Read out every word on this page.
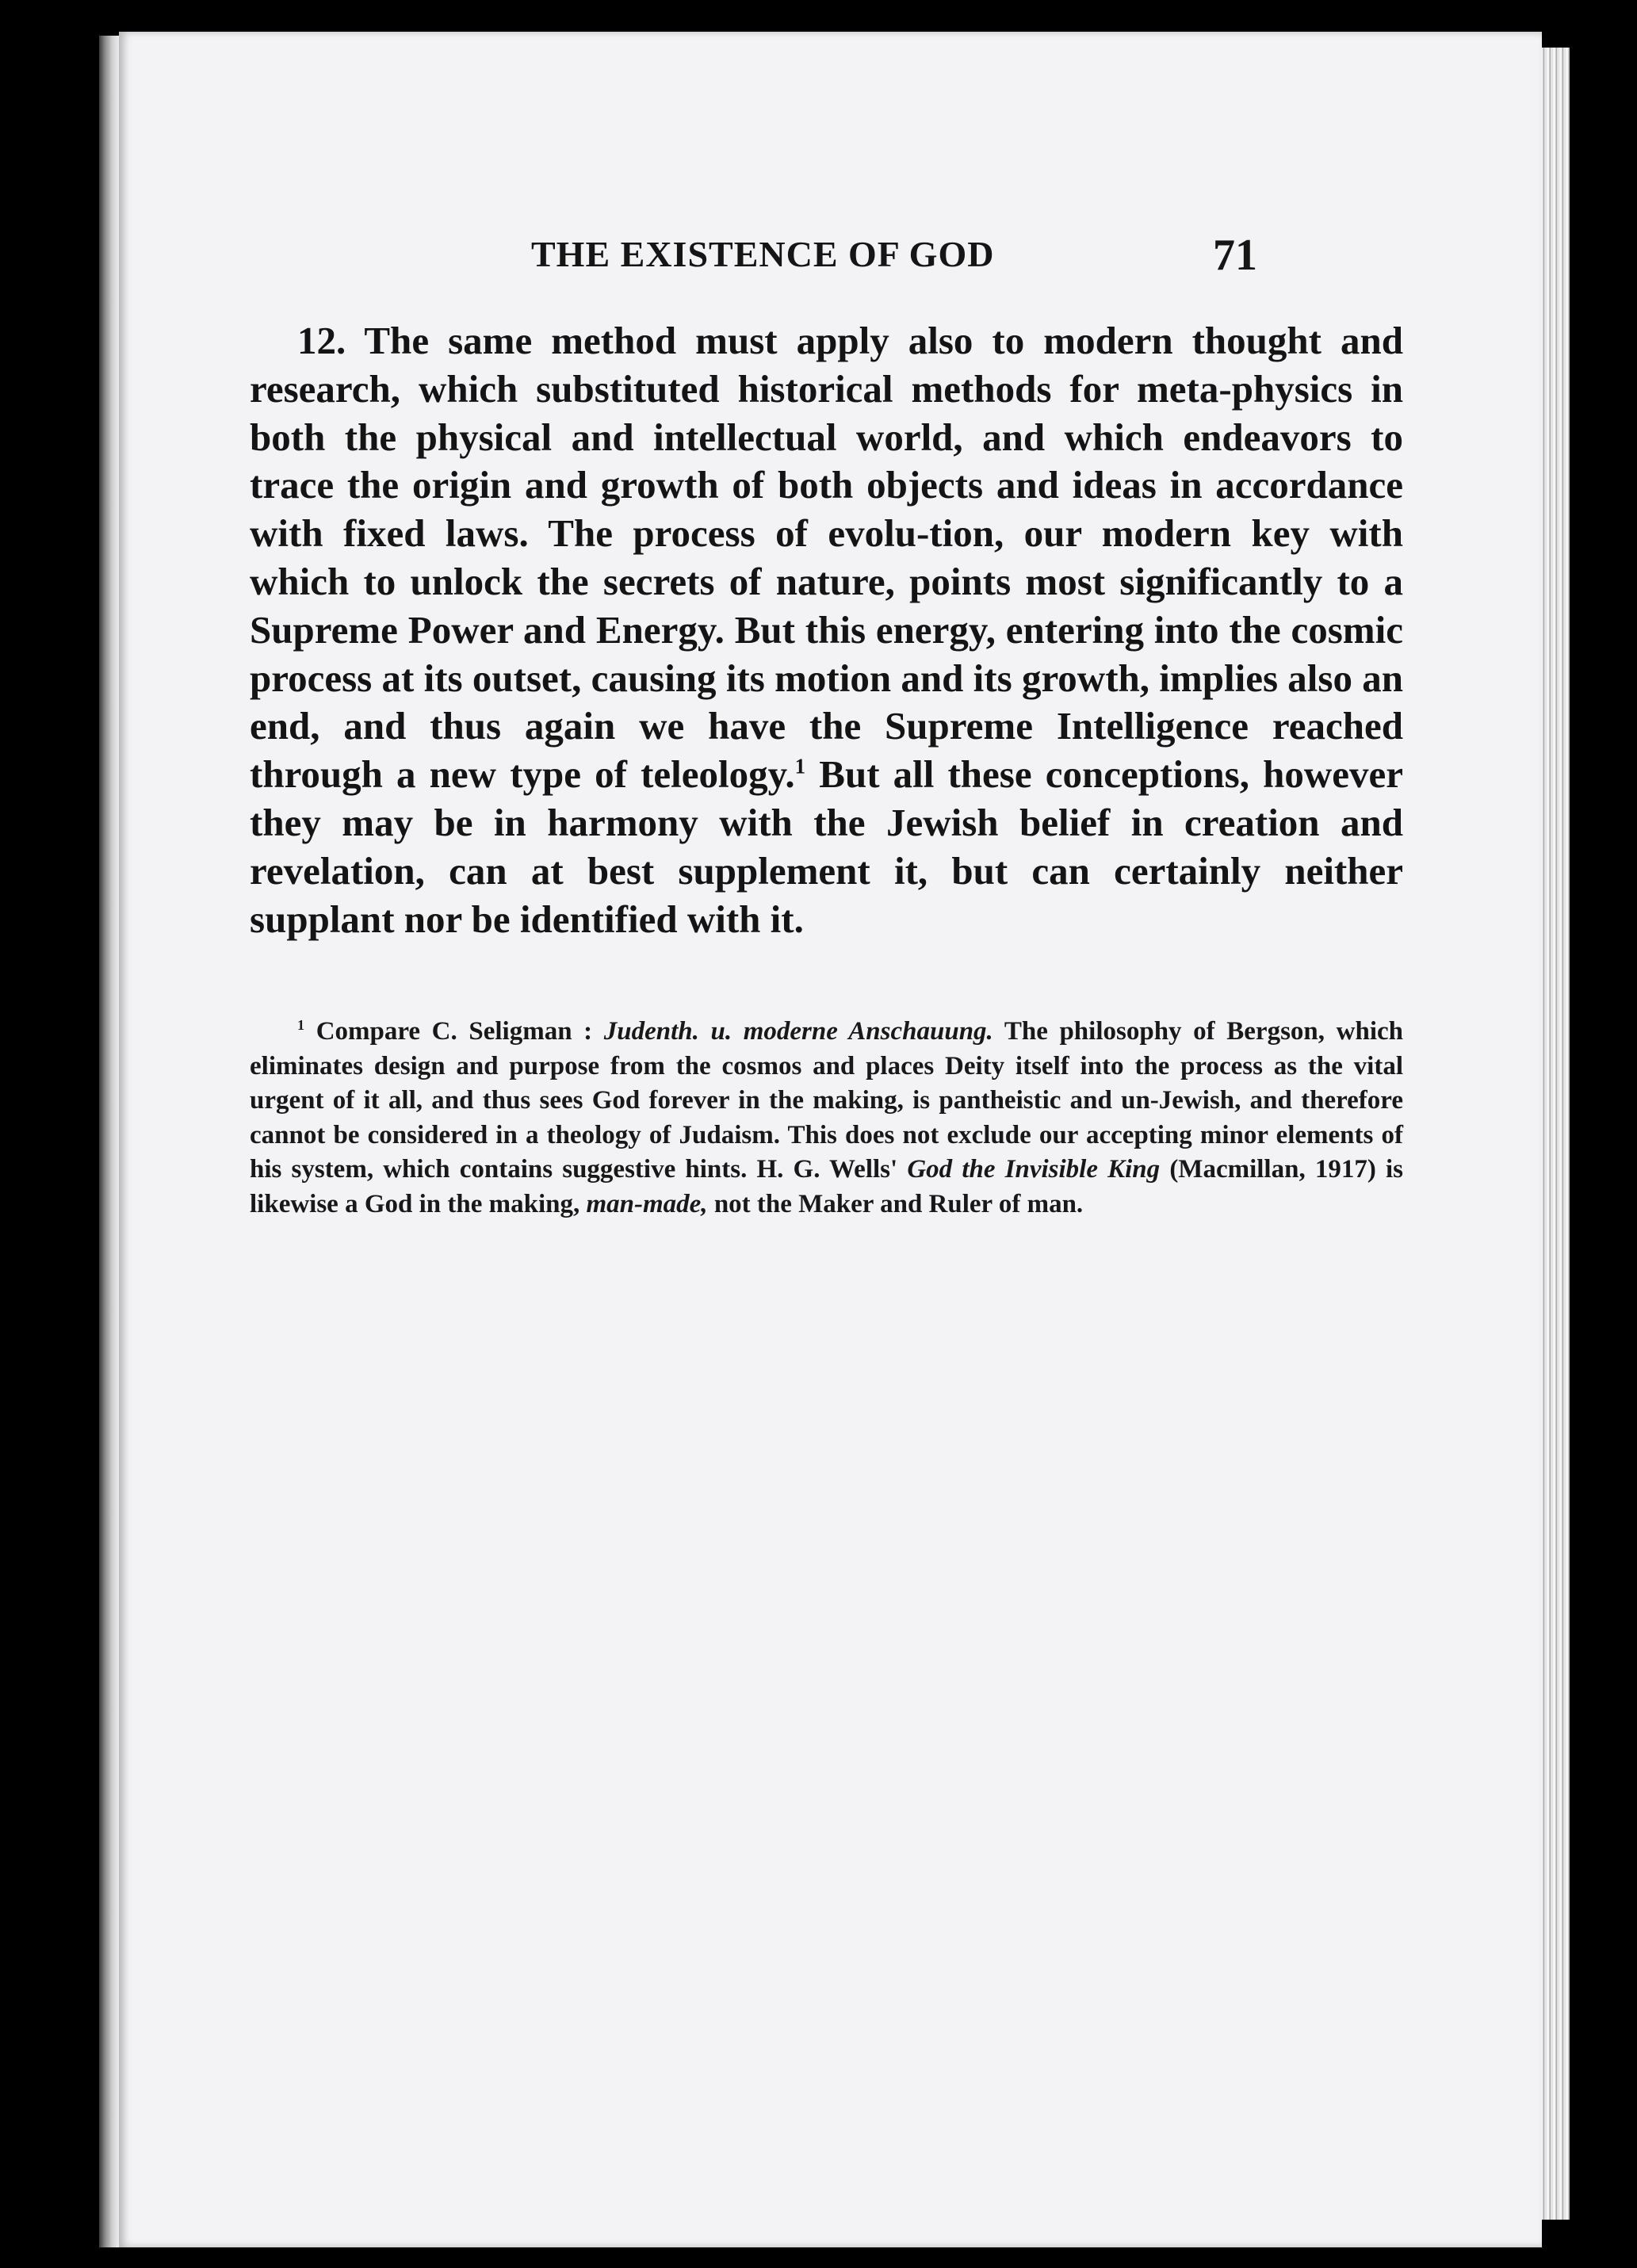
THE EXISTENCE OF GOD	71

12. The same method must apply also to modern thought and research, which substituted historical methods for meta-physics in both the physical and intellectual world, and which endeavors to trace the origin and growth of both objects and ideas in accordance with fixed laws. The process of evolu-tion, our modern key with which to unlock the secrets of nature, points most significantly to a Supreme Power and Energy. But this energy, entering into the cosmic process at its outset, causing its motion and its growth, implies also an end, and thus again we have the Supreme Intelligence reached through a new type of teleology.$^1$ But all these conceptions, however they may be in harmony with the Jewish belief in creation and revelation, can at best supplement it, but can certainly neither supplant nor be identified with it.

$^1$ Compare C. Seligman : Judenth. u. moderne Anschauung. The philosophy of Bergson, which eliminates design and purpose from the cosmos and places Deity itself into the process as the vital urgent of it all, and thus sees God forever in the making, is pantheistic and un-Jewish, and therefore cannot be considered in a theology of Judaism. This does not exclude our accepting minor elements of his system, which contains suggestive hints. H. G. Wells' God the Invisible King (Macmillan, 1917) is likewise a God in the making, man-made, not the Maker and Ruler of man.
